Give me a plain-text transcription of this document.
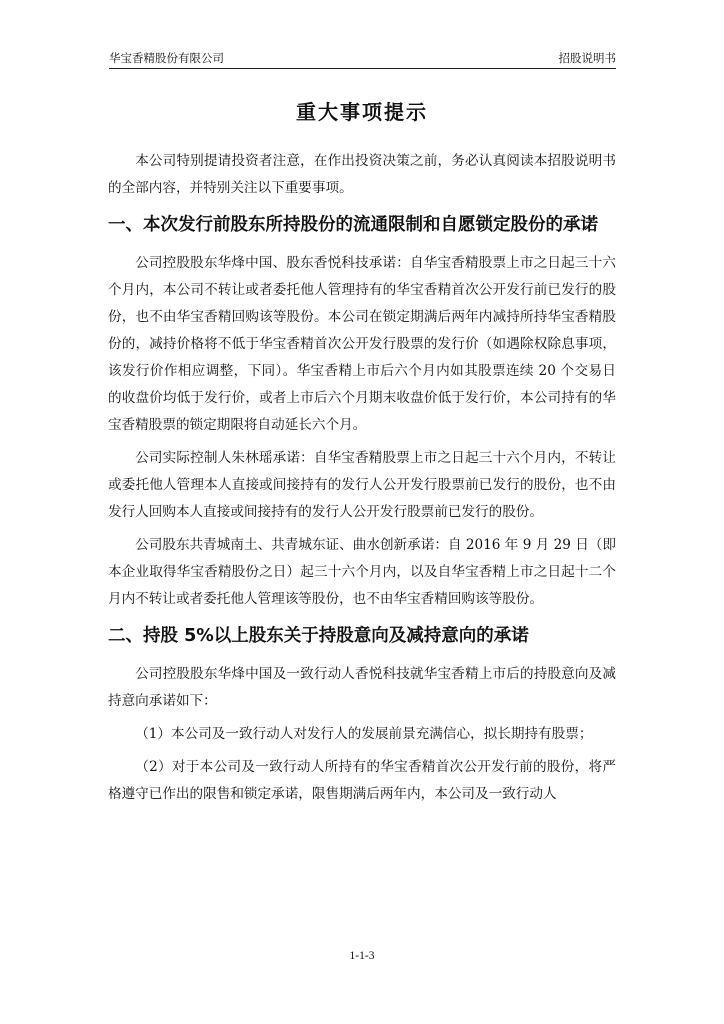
华宝香精股份有限公司	招股说明书
重大事项提示

本公司特别提请投资者注意，在作出投资决策之前，务必认真阅读本招股说明书的全部内容，并特别关注以下重要事项。

一、本次发行前股东所持股份的流通限制和自愿锁定股份的承诺

公司控股股东华烽中国、股东香悦科技承诺：自华宝香精股票上市之日起三十六个月内，本公司不转让或者委托他人管理持有的华宝香精首次公开发行前已发行的股份，也不由华宝香精回购该等股份。本公司在锁定期满后两年内减持所持华宝香精股份的，减持价格将不低于华宝香精首次公开发行股票的发行价（如遇除权除息事项，该发行价作相应调整，下同）。华宝香精上市后六个月内如其股票连续 20 个交易日的收盘价均低于发行价，或者上市后六个月期末收盘价低于发行价，本公司持有的华宝香精股票的锁定期限将自动延长六个月。

公司实际控制人朱林瑶承诺：自华宝香精股票上市之日起三十六个月内，不转让或委托他人管理本人直接或间接持有的发行人公开发行股票前已发行的股份，也不由发行人回购本人直接或间接持有的发行人公开发行股票前已发行的股份。

公司股东共青城南土、共青城东证、曲水创新承诺：自 2016 年 9 月 29 日（即本企业取得华宝香精股份之日）起三十六个月内，以及自华宝香精上市之日起十二个月内不转让或者委托他人管理该等股份，也不由华宝香精回购该等股份。

二、持股 5%以上股东关于持股意向及减持意向的承诺

公司控股股东华烽中国及一致行动人香悦科技就华宝香精上市后的持股意向及减持意向承诺如下：

（1）本公司及一致行动人对发行人的发展前景充满信心，拟长期持有股票；

（2）对于本公司及一致行动人所持有的华宝香精首次公开发行前的股份，将严格遵守已作出的限售和锁定承诺，限售期满后两年内，本公司及一致行动人

1-1-3
